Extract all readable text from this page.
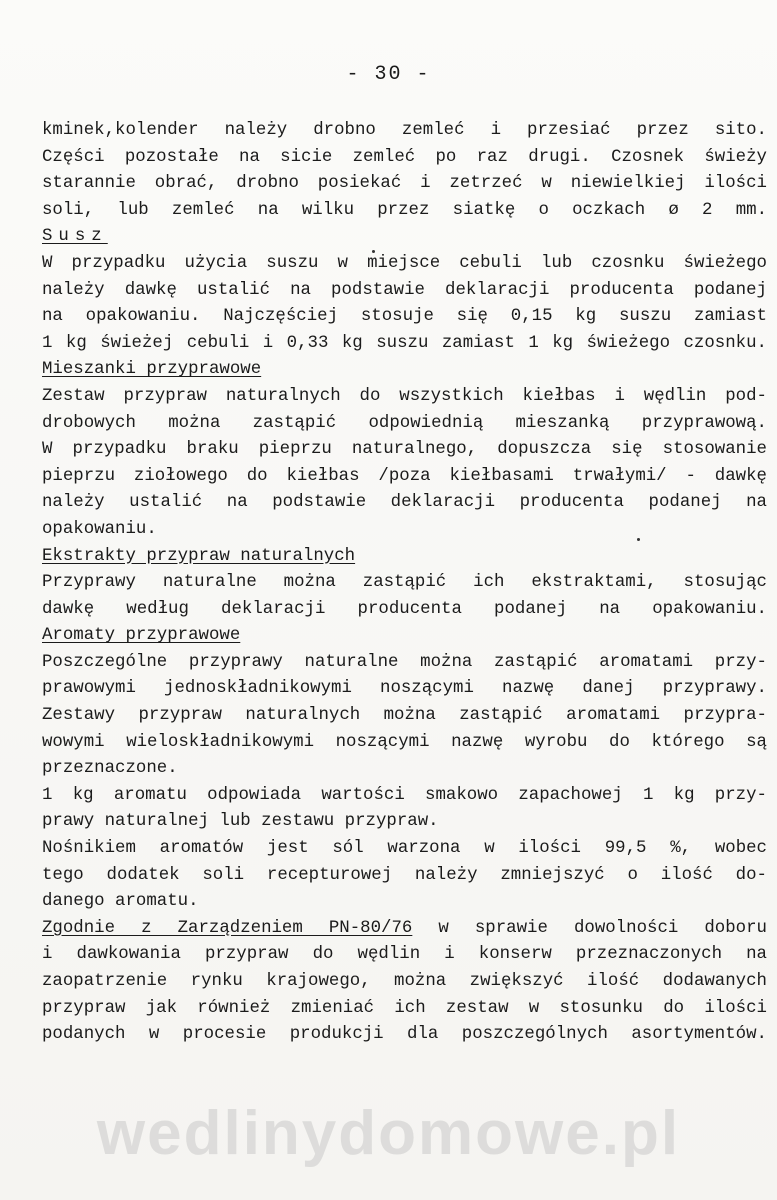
- 30 -
kminek,kolender należy drobno zemleć i przesiać przez sito.
Części pozostałe na sicie zemleć po raz drugi. Czosnek świeży
starannie obrać, drobno posiekać i zetrzeć w niewielkiej ilości
soli, lub zemleć na wilku przez siatkę o oczkach ø 2 mm.
Susz
W przypadku użycia suszu w miejsce cebuli lub czosnku świeżego
należy dawkę ustalić na podstawie deklaracji producenta podanej
na opakowaniu. Najczęściej stosuje się 0,15 kg suszu zamiast
1 kg świeżej cebuli i 0,33 kg suszu zamiast 1 kg świeżego czosnku.
Mieszanki przyprawowe
Zestaw przypraw naturalnych do wszystkich kiełbas i wędlin pod-
drobowych można zastąpić odpowiednią mieszanką przyprawową.
W przypadku braku pieprzu naturalnego, dopuszcza się stosowanie
pieprzu ziołowego do kiełbas /poza kiełbasami trwałymi/ - dawkę
należy ustalić na podstawie deklaracji producenta podanej na
opakowaniu.
Ekstrakty przypraw naturalnych
Przyprawy naturalne można zastąpić ich ekstraktami, stosując
dawkę według deklaracji producenta podanej na opakowaniu.
Aromaty przyprawowe
Poszczególne przyprawy naturalne można zastąpić aromatami przy-
prawowymi jednoskładnikowymi noszącymi nazwę danej przyprawy.
Zestawy przypraw naturalnych można zastąpić aromatami przypra-
wowymi wieloskładnikowymi noszącymi nazwę wyrobu do którego są
przeznaczone.
1 kg aromatu odpowiada wartości smakowo zapachowej 1 kg przy-
prawy naturalnej lub zestawu przypraw.
Nośnikiem aromatów jest sól warzona w ilości 99,5 %, wobec
tego dodatek soli recepturowej należy zmniejszyć o ilość do-
danego aromatu.
Zgodnie z Zarządzeniem PN-80/76 w sprawie dowolności doboru
i dawkowania przypraw do wędlin i konserw przeznaczonych na
zaopatrzenie rynku krajowego, można zwiększyć ilość dodawanych
przypraw jak również zmieniać ich zestaw w stosunku do ilości
podanych w procesie produkcji dla poszczególnych asortymentów.
wedlinydomowe.pl
